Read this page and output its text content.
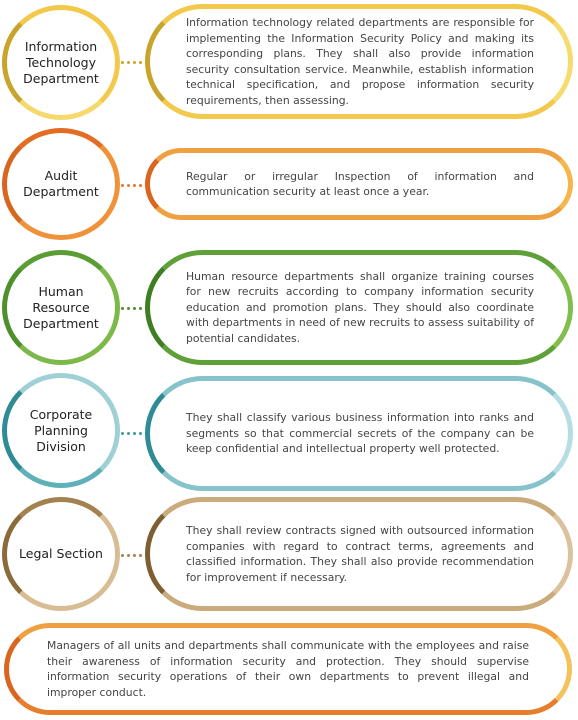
Information Technology Department
Information technology related departments are responsible for implementing the Information Security Policy and making its corresponding plans. They shall also provide information security consultation service. Meanwhile, establish information technical specification, and propose information security requirements, then assessing.
Audit Department
Regular or irregular Inspection of information and communication security at least once a year.
Human Resource Department
Human resource departments shall organize training courses for new recruits according to company information security education and promotion plans. They should also coordinate with departments in need of new recruits to assess suitability of potential candidates.
Corporate Planning Division
They shall classify various business information into ranks and segments so that commercial secrets of the company can be keep confidential and intellectual property well protected.
Legal Section
They shall review contracts signed with outsourced information companies with regard to contract terms, agreements and classified information. They shall also provide recommendation for improvement if necessary.
Managers of all units and departments shall communicate with the employees and raise their awareness of information security and protection. They should supervise information security operations of their own departments to prevent illegal and improper conduct.
